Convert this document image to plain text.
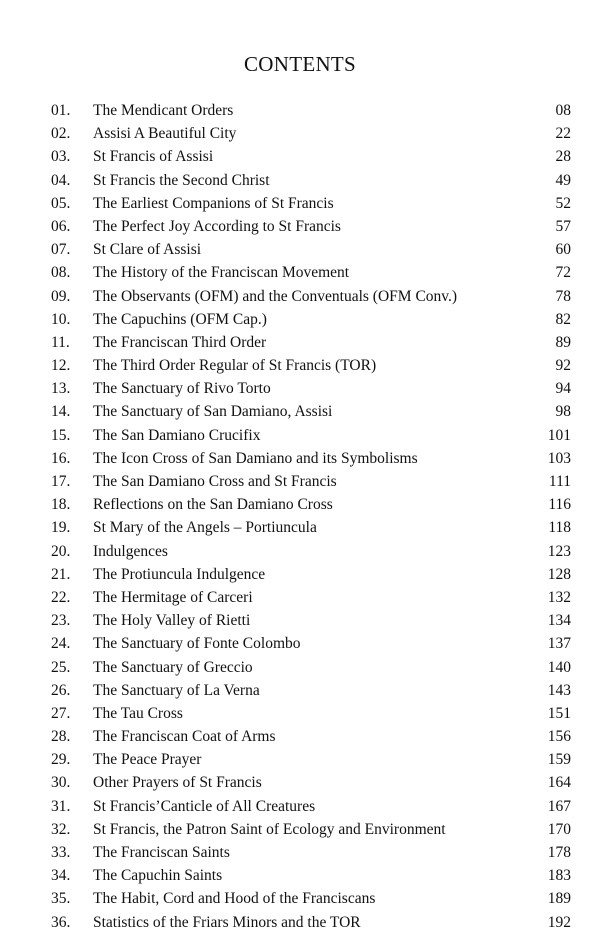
CONTENTS
01.	The Mendicant Orders	08
02.	Assisi A Beautiful City	22
03.	St Francis of Assisi	28
04.	St Francis the Second Christ	49
05.	The Earliest Companions of St Francis	52
06.	The Perfect Joy According to St Francis	57
07.	St Clare of Assisi	60
08.	The History of the Franciscan Movement	72
09.	The Observants (OFM) and the Conventuals (OFM Conv.)	78
10.	The Capuchins (OFM Cap.)	82
11.	The Franciscan Third Order	89
12.	The Third Order Regular of St Francis (TOR)	92
13.	The Sanctuary of Rivo Torto	94
14.	The Sanctuary of San Damiano, Assisi	98
15.	The San Damiano Crucifix	101
16.	The Icon Cross of San Damiano and its Symbolisms	103
17.	The San Damiano Cross and St Francis	111
18.	Reflections on the San Damiano Cross	116
19.	St Mary of the Angels – Portiuncula	118
20.	Indulgences	123
21.	The Protiuncula Indulgence	128
22.	The Hermitage of Carceri	132
23.	The Holy Valley of Rietti	134
24.	The Sanctuary of Fonte Colombo	137
25.	The Sanctuary of Greccio	140
26.	The Sanctuary of La Verna	143
27.	The Tau Cross	151
28.	The Franciscan Coat of Arms	156
29.	The Peace Prayer	159
30.	Other Prayers of St Francis	164
31.	St Francis’Canticle of All Creatures	167
32.	St Francis, the Patron Saint of Ecology and Environment	170
33.	The Franciscan Saints	178
34.	The Capuchin Saints	183
35.	The Habit, Cord and Hood of the Franciscans	189
36.	Statistics of the Friars Minors and the TOR	192
